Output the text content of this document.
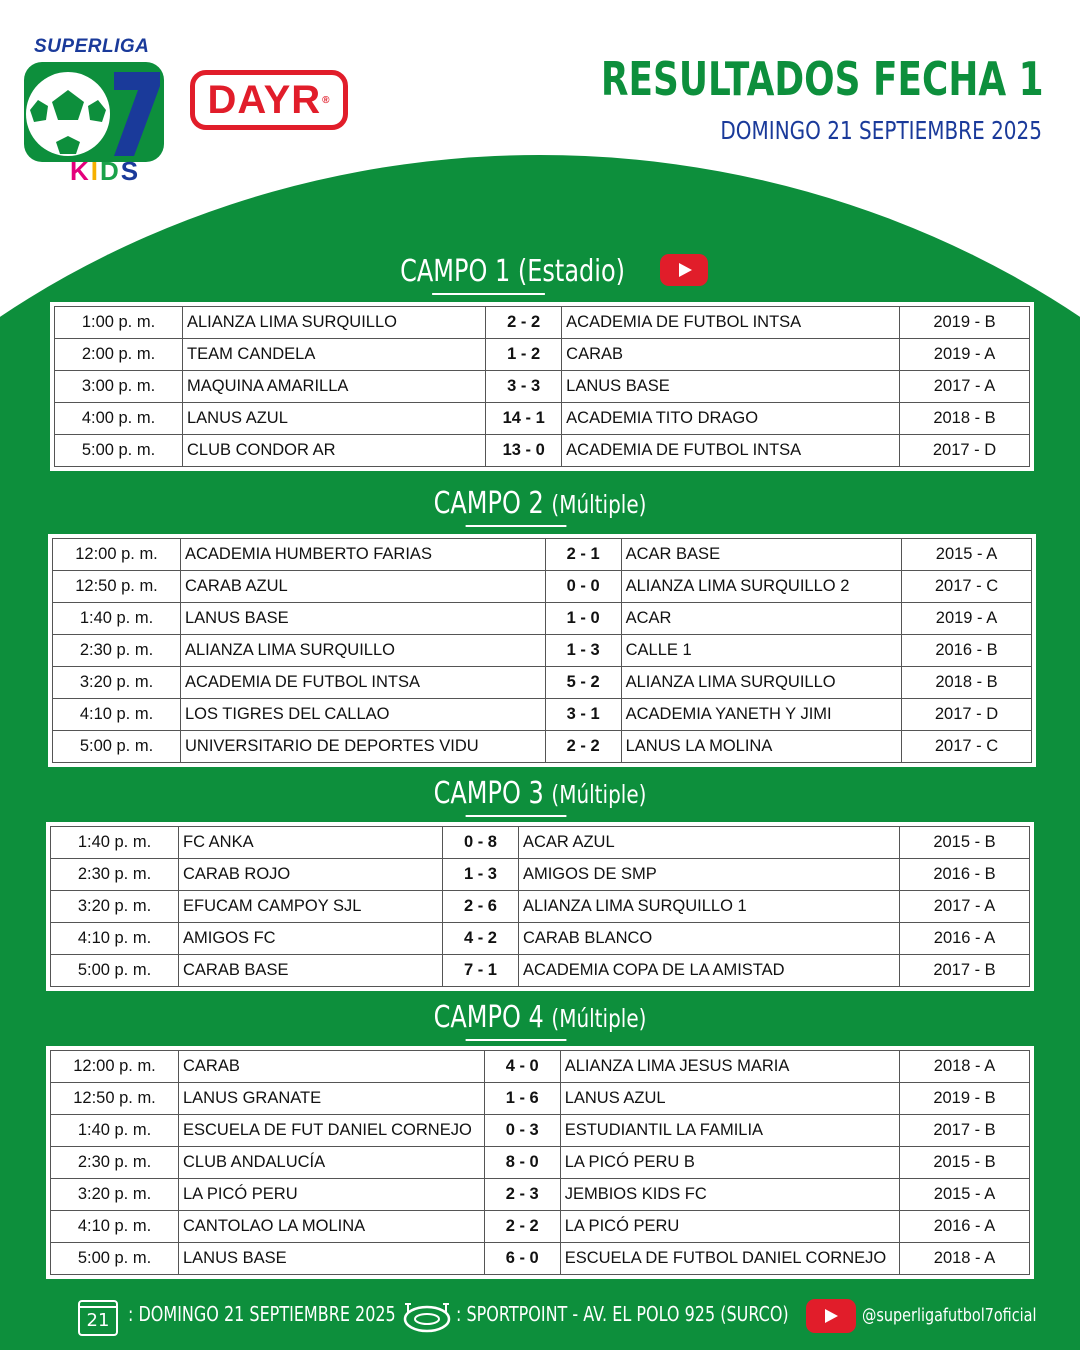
SUPERLIGA
7
KIDS
DAYR ®	RESULTADOS FECHA 1
DOMINGO 21 SEPTIEMBRE 2025
CAMPO 1 (Estadio)
1:00 p. m.	ALIANZA LIMA SURQUILLO	2 - 2	ACADEMIA DE FUTBOL INTSA	2019 - B
2:00 p. m.	TEAM CANDELA	1 - 2	CARAB	2019 - A
3:00 p. m.	MAQUINA AMARILLA	3 - 3	LANUS BASE	2017 - A
4:00 p. m.	LANUS AZUL	14 - 1	ACADEMIA TITO DRAGO	2018 - B
5:00 p. m.	CLUB CONDOR AR	13 - 0	ACADEMIA DE FUTBOL INTSA	2017 - D
CAMPO 2 (Múltiple)
12:00 p. m.	ACADEMIA HUMBERTO FARIAS	2 - 1	ACAR BASE	2015 - A
12:50 p. m.	CARAB AZUL	0 - 0	ALIANZA LIMA SURQUILLO 2	2017 - C
1:40 p. m.	LANUS BASE	1 - 0	ACAR	2019 - A
2:30 p. m.	ALIANZA LIMA SURQUILLO	1 - 3	CALLE 1	2016 - B
3:20 p. m.	ACADEMIA DE FUTBOL INTSA	5 - 2	ALIANZA LIMA SURQUILLO	2018 - B
4:10 p. m.	LOS TIGRES DEL CALLAO	3 - 1	ACADEMIA YANETH Y JIMI	2017 - D
5:00 p. m.	UNIVERSITARIO DE DEPORTES VIDU	2 - 2	LANUS LA MOLINA	2017 - C
CAMPO 3 (Múltiple)
1:40 p. m.	FC ANKA	0 - 8	ACAR AZUL	2015 - B
2:30 p. m.	CARAB ROJO	1 - 3	AMIGOS DE SMP	2016 - B
3:20 p. m.	EFUCAM CAMPOY SJL	2 - 6	ALIANZA LIMA SURQUILLO 1	2017 - A
4:10 p. m.	AMIGOS FC	4 - 2	CARAB BLANCO	2016 - A
5:00 p. m.	CARAB BASE	7 - 1	ACADEMIA COPA DE LA AMISTAD	2017 - B
CAMPO 4 (Múltiple)
12:00 p. m.	CARAB	4 - 0	ALIANZA LIMA JESUS MARIA	2018 - A
12:50 p. m.	LANUS GRANATE	1 - 6	LANUS AZUL	2019 - B
1:40 p. m.	ESCUELA DE FUT DANIEL CORNEJO	0 - 3	ESTUDIANTIL LA FAMILIA	2017 - B
2:30 p. m.	CLUB ANDALUCÍA	8 - 0	LA PICÓ PERU B	2015 - B
3:20 p. m.	LA PICÓ PERU	2 - 3	JEMBIOS KIDS FC	2015 - A
4:10 p. m.	CANTOLAO LA MOLINA	2 - 2	LA PICÓ PERU	2016 - A
5:00 p. m.	LANUS BASE	6 - 0	ESCUELA DE FUTBOL DANIEL CORNEJO	2018 - A
21 : DOMINGO 21 SEPTIEMBRE 2025	: SPORTPOINT - AV. EL POLO 925 (SURCO)	@superligafutbol7oficial
